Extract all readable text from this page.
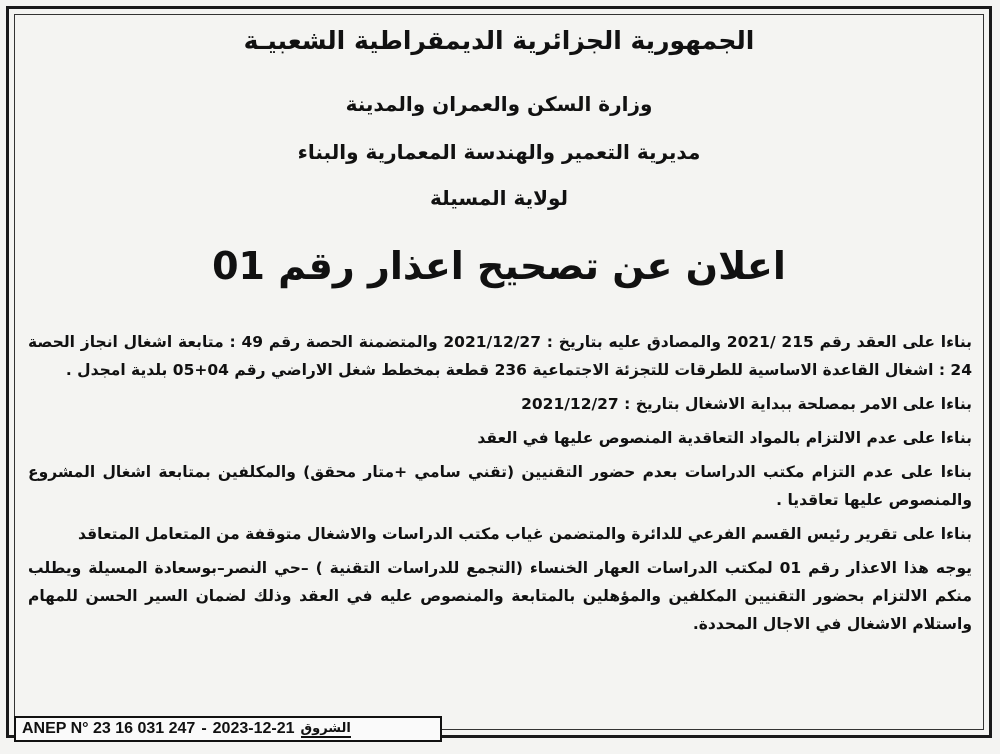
الجمهورية الجزائرية الديمقراطية الشعبيـة
وزارة السكن والعمران والمدينة
مديرية التعمير والهندسة المعمارية والبناء
لولاية المسيلة
اعلان عن تصحيح اعذار رقم 01

بناءا على العقد رقم 215 /2021 والمصادق عليه بتاريخ : 2021/12/27 والمتضمنة الحصة رقم 49 : متابعة اشغال انجاز الحصة 24 : اشغال القاعدة الاساسية للطرقات للتجزئة الاجتماعية 236 قطعة بمخطط شغل الاراضي رقم 04+05 بلدية امجدل .

بناءا على الامر بمصلحة ببداية الاشغال بتاريخ : 2021/12/27

بناءا على عدم الالتزام بالمواد التعاقدية المنصوص عليها في العقد

بناءا على عدم التزام مكتب الدراسات بعدم حضور التقنيين (تقني سامي +متار محقق) والمكلفين بمتابعة اشغال المشروع والمنصوص عليها تعاقديا .

بناءا على تقرير رئيس القسم الفرعي للدائرة والمتضمن غياب مكتب الدراسات والاشغال متوقفة من المتعامل المتعاقد

يوجه هذا الاعذار رقم 01 لمكتب الدراسات العهار الخنساء (التجمع للدراسات التقنية ) –حي النصر–بوسعادة المسيلة ويطلب منكم الالتزام بحضور التقنيين المكلفين والمؤهلين بالمتابعة والمنصوص عليه في العقد وذلك لضمان السير الحسن للمهام واستلام الاشغال في الاجال المحددة.

ANEP N° 23 16 031 247 - 2023-12-21 الشروق
